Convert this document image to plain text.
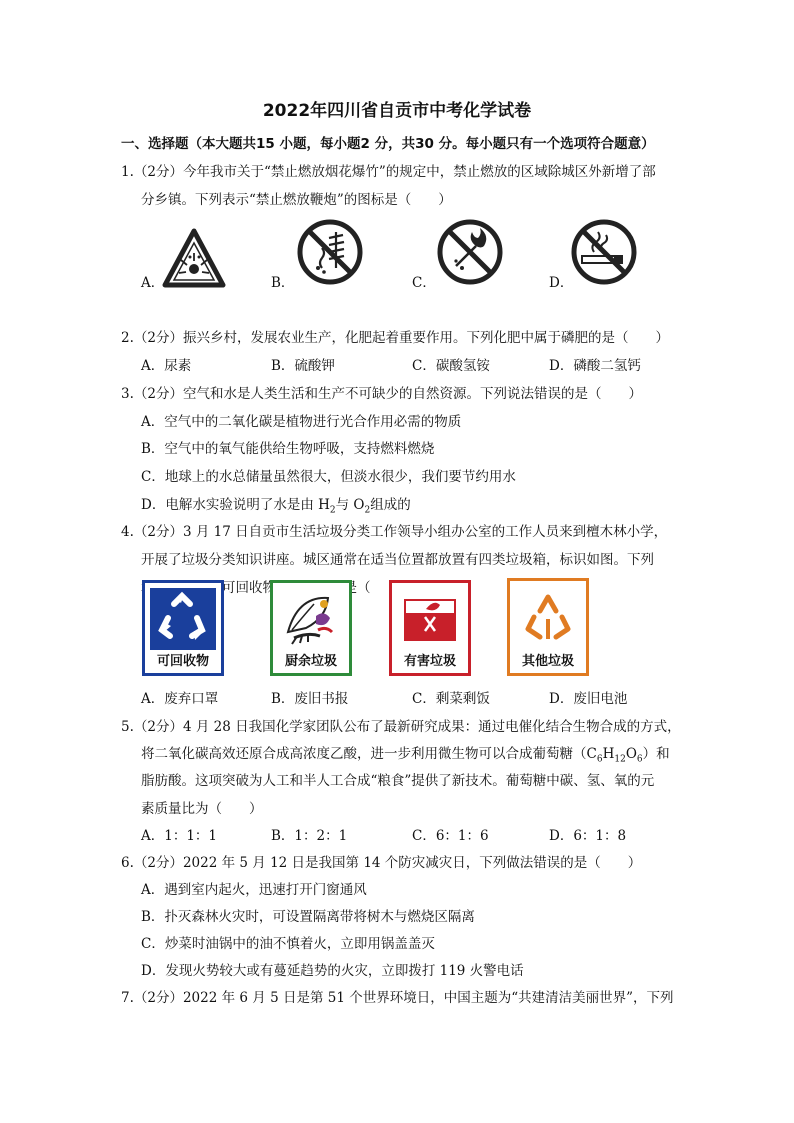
2022年四川省自贡市中考化学试卷
一、选择题（本大题共15 小题，每小题2 分，共30 分。每小题只有一个选项符合题意）
1.（2分）今年我市关于“禁止燃放烟花爆竹”的规定中，禁止燃放的区域除城区外新增了部
分乡镇。下列表示“禁止燃放鞭炮”的图标是（　　）
A．	B．	C．	D．
2.（2分）振兴乡村，发展农业生产，化肥起着重要作用。下列化肥中属于磷肥的是（　　）
A．尿素	B．硫酸钾	C．碳酸氢铵	D．磷酸二氢钙
3.（2分）空气和水是人类生活和生产不可缺少的自然资源。下列说法错误的是（　　）
A．空气中的二氧化碳是植物进行光合作用必需的物质
B．空气中的氧气能供给生物呼吸，支持燃料燃烧
C．地球上的水总储量虽然很大，但淡水很少，我们要节约用水
D．电解水实验说明了水是由 $H_2$与 $O_2$组成的
4.（2分）3 月 17 日自贡市生活垃圾分类工作领导小组办公室的工作人员来到檀木林小学，
开展了垃圾分类知识讲座。城区通常在适当位置都放置有四类垃圾箱，标识如图。下列
垃圾应投放到可回收物垃圾箱内的是（　　
可回收物	厨余垃圾	有害垃圾	其他垃圾
A．废弃口罩	B．废旧书报	C．剩菜剩饭	D．废旧电池
5.（2分）4 月 28 日我国化学家团队公布了最新研究成果：通过电催化结合生物合成的方式，
将二氧化碳高效还原合成高浓度乙酸，进一步利用微生物可以合成葡萄糖$(C_6H_{12}O_6)$和
脂肪酸。这项突破为人工和半人工合成“粮食”提供了新技术。葡萄糖中碳、氢、氧的元
素质量比为（　　）
A．1：1：1	B．1：2：1	C．6：1：6	D．6：1：8
6.（2分）2022 年 5 月 12 日是我国第 14 个防灾减灾日，下列做法错误的是（　　）
A．遇到室内起火，迅速打开门窗通风
B．扑灭森林火灾时，可设置隔离带将树木与燃烧区隔离
C．炒菜时油锅中的油不慎着火，立即用锅盖盖灭
D．发现火势较大或有蔓延趋势的火灾，立即拨打 119 火警电话
7.（2分）2022 年 6 月 5 日是第 51 个世界环境日，中国主题为“共建清洁美丽世界”，下列
